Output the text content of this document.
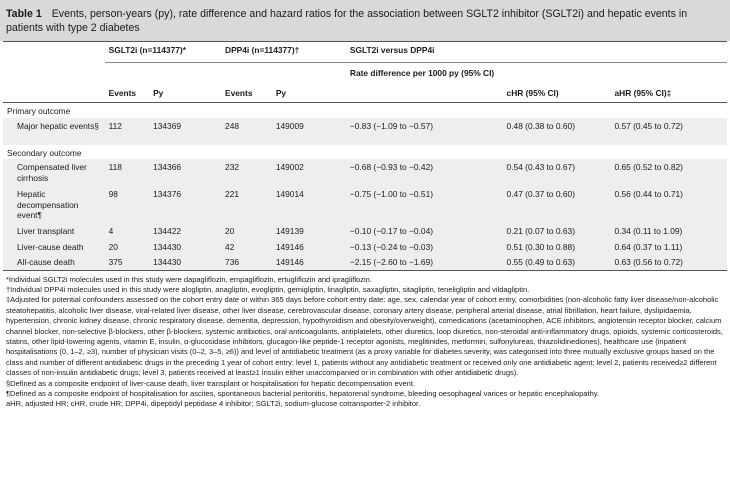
Table 1 Events, person-years (py), rate difference and hazard ratios for the association between SGLT2 inhibitor (SGLT2i) and hepatic events in patients with type 2 diabetes
	SGLT2i (n=114377)*		DPP4i (n=114377)†		SGLT2i versus DPP4i		
	Events	Py	Events	Py	Rate difference per 1000 py (95% CI)	cHR (95% CI)	aHR (95% CI)‡
Primary outcome							
Major hepatic events§	112	134369	248	149009	−0.83 (−1.09 to −0.57)	0.48 (0.38 to 0.60)	0.57 (0.45 to 0.72)
Secondary outcome							
Compensated liver cirrhosis	118	134366	232	149002	−0.68 (−0.93 to −0.42)	0.54 (0.43 to 0.67)	0.65 (0.52 to 0.82)
Hepatic decompensation event¶	98	134376	221	149014	−0.75 (−1.00 to −0.51)	0.47 (0.37 to 0.60)	0.56 (0.44 to 0.71)
Liver transplant	4	134422	20	149139	−0.10 (−0.17 to −0.04)	0.21 (0.07 to 0.63)	0.34 (0.11 to 1.09)
Liver-cause death	20	134430	42	149146	−0.13 (−0.24 to −0.03)	0.51 (0.30 to 0.88)	0.64 (0.37 to 1.11)
All-cause death	375	134430	736	149146	−2.15 (−2.60 to −1.69)	0.55 (0.49 to 0.63)	0.63 (0.56 to 0.72)

*Individual SGLT2i molecules used in this study were dapagliflozin, empagliflozin, ertugliflozin and ipragliflozin.

†Individual DPP4i molecules used in this study were alogliptin, anagliptin, evogliptin, gemigliptin, linagliptin, saxagliptin, sitagliptin, teneligliptin and vildagliptin.

‡Adjusted for potential confounders assessed on the cohort entry date or within 365 days before cohort entry date: age, sex, calendar year of cohort entry, comorbidities (non-alcoholic fatty liver disease/non-alcoholic steatohepatitis, alcoholic liver disease, viral-related liver disease, other liver disease, cerebrovascular disease, coronary artery disease, peripheral arterial disease, atrial fibrillation, heart failure, dyslipidaemia, hypertension, chronic kidney disease, chronic respiratory disease, dementia, depression, hypothyroidism and obesity/overweight), comedications (acetaminophen, ACE inhibitors, angiotensin receptor blocker, calcium channel blocker, non-selective β-blockers, other β-blockers, systemic antibiotics, oral anticoagulants, antiplatelets, other diuretics, loop diuretics, non-steroidal anti-inflammatory drugs, opioids, systemic corticosteroids, statins, other lipid-lowering agents, vitamin E, insulin, α-glucosidase inhibitors, glucagon-like peptide-1 receptor agonists, meglitinides, metformin, sulfonylureas, thiazolidinediones), healthcare use (inpatient hospitalisations (0, 1–2, ≥3), number of physician visits (0–2, 3–5, ≥6)) and level of antidiabetic treatment (as a proxy variable for diabetes severity, was categorised into three mutually exclusive groups based on the class and number of different antidiabetic drugs in the preceding 1 year of cohort entry: level 1, patients without any antidiabetic treatment or received only one antidiabetic agent; level 2, patients received≥2 different classes of non-insulin antidiabetic drugs; level 3, patients received at least≥1 insulin either unaccompanied or in combination with other antidiabetic drugs).

§Defined as a composite endpoint of liver-cause death, liver transplant or hospitalisation for hepatic decompensation event.

¶Defined as a composite endpoint of hospitalisation for ascites, spontaneous bacterial peritonitis, hepatorenal syndrome, bleeding oesophageal varices or hepatic encephalopathy.

aHR, adjusted HR; cHR, crude HR; DPP4i, dipeptidyl peptidase 4 inhibitor; SGLT2i, sodium-glucose cotransporter-2 inhibitor.
